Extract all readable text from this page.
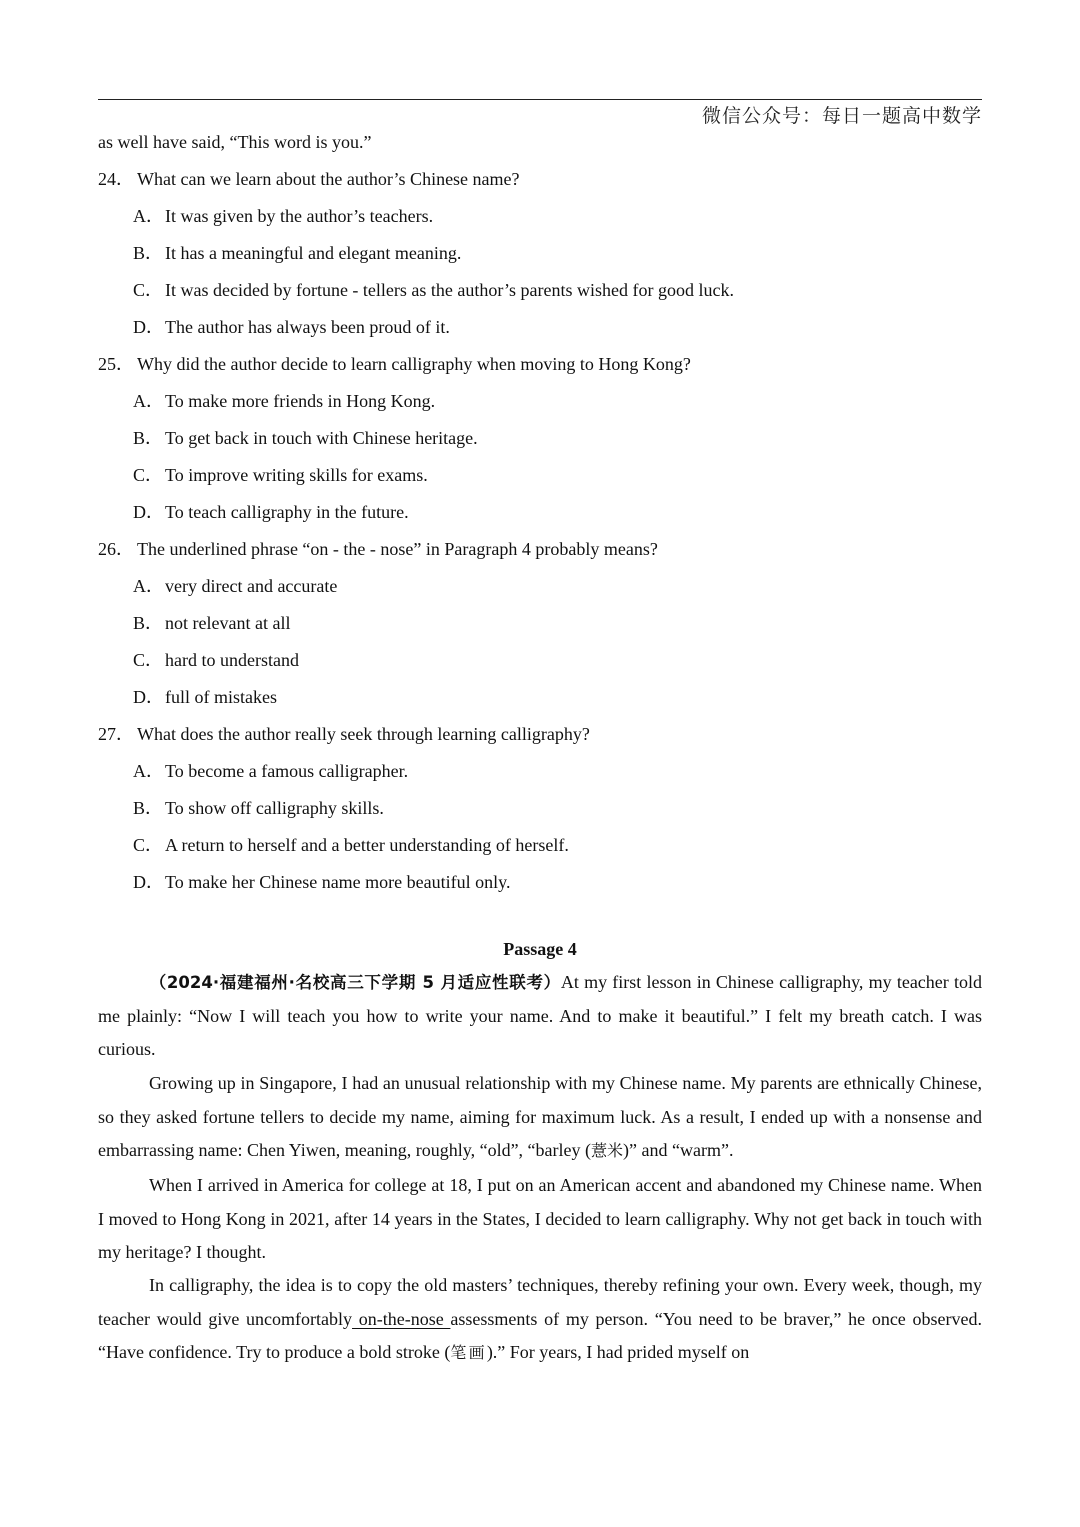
微信公众号：每日一题高中数学
as well have said, “This word is you.”
24． What can we learn about the author’s Chinese name?
A．It was given by the author’s teachers.
B． It has a meaningful and elegant meaning.
C． It was decided by fortune - tellers as the author’s parents wished for good luck.
D．The author has always been proud of it.
25． Why did the author decide to learn calligraphy when moving to Hong Kong?
A．To make more friends in Hong Kong.
B． To get back in touch with Chinese heritage.
C． To improve writing skills for exams.
D．To teach calligraphy in the future.
26． The underlined phrase “on - the - nose” in Paragraph 4 probably means?
A．very direct and accurate
B． not relevant at all
C． hard to understand
D．full of mistakes
27． What does the author really seek through learning calligraphy?
A．To become a famous calligrapher.
B． To show off calligraphy skills.
C． A return to herself and a better understanding of herself.
D．To make her Chinese name more beautiful only.
Passage 4
（2024·福建福州·名校高三下学期 5 月适应性联考）At my first lesson in Chinese calligraphy, my teacher told me plainly: “Now I will teach you how to write your name. And to make it beautiful.” I felt my breath catch. I was curious.
Growing up in Singapore, I had an unusual relationship with my Chinese name. My parents are ethnically Chinese, so they asked fortune tellers to decide my name, aiming for maximum luck. As a result, I ended up with a nonsense and embarrassing name: Chen Yiwen, meaning, roughly, “old”, “barley (薏米)” and “warm”.
When I arrived in America for college at 18, I put on an American accent and abandoned my Chinese name. When I moved to Hong Kong in 2021, after 14 years in the States, I decided to learn calligraphy. Why not get back in touch with my heritage? I thought.
In calligraphy, the idea is to copy the old masters’ techniques, thereby refining your own. Every week, though, my teacher would give uncomfortably on-the-nose assessments of my person. “You need to be braver,” he once observed. “Have confidence. Try to produce a bold stroke (笔画).” For years, I had prided myself on
